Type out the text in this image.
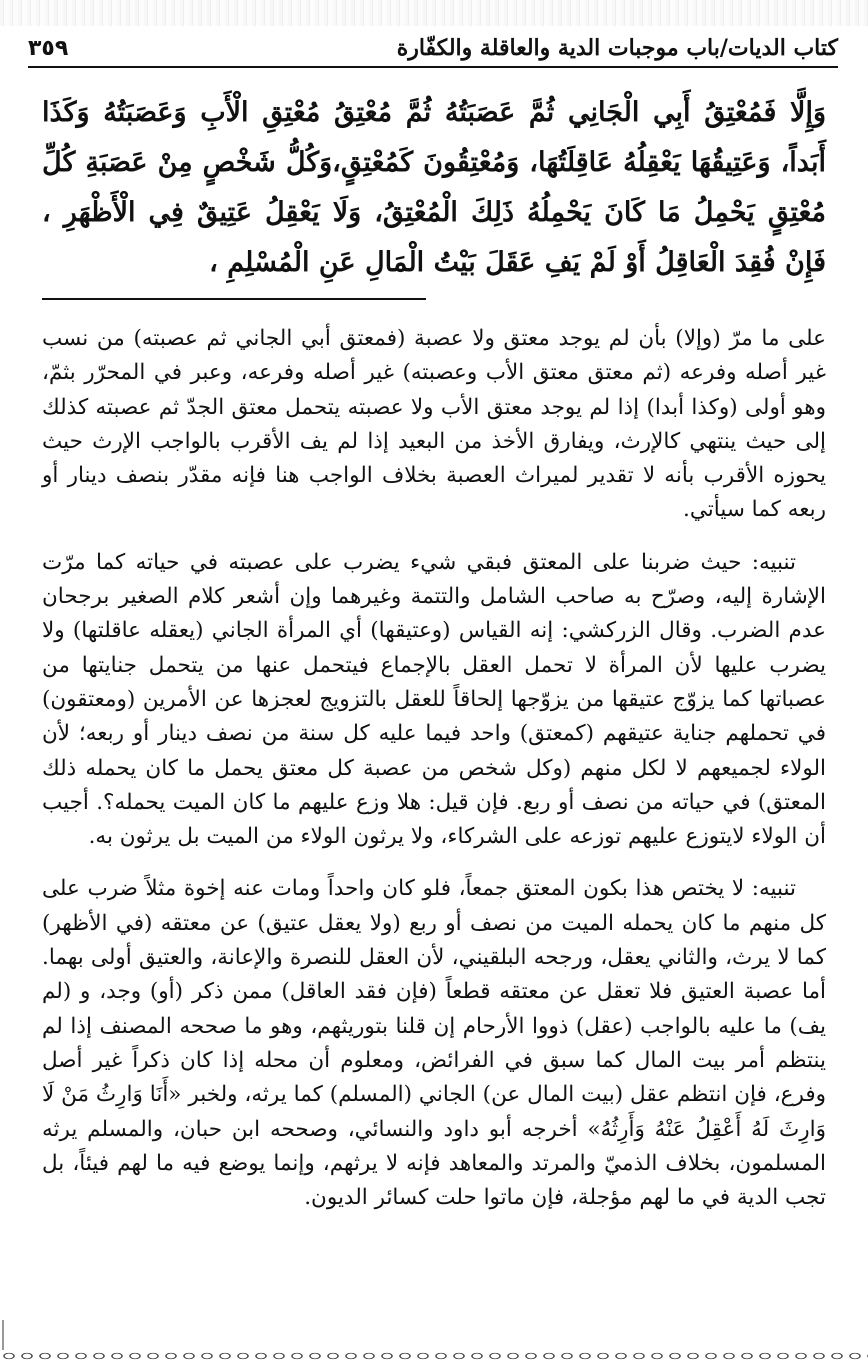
كتاب الديات/باب موجبات الدية والعاقلة والكفّارة
٣٥٩
وَإِلَّا فَمُعْتِقُ أَبِي الْجَانِي ثُمَّ عَصَبَتُهُ ثُمَّ مُعْتِقُ مُعْتِقِ الْأَبِ وَعَصَبَتُهُ وَكَذَا أَبَداً، وَعَتِيقُهَا يَعْقِلُهُ عَاقِلَتُهَا، وَمُعْتِقُونَ كَمُعْتِقٍ،وَكُلُّ شَخْصٍ مِنْ عَصَبَةِ كُلِّ مُعْتِقٍ يَحْمِلُ مَا كَانَ يَحْمِلُهُ ذَلِكَ الْمُعْتِقُ، وَلَا يَعْقِلُ عَتِيقٌ فِي الْأَظْهَرِ ، فَإِنْ فُقِدَ الْعَاقِلُ أَوْ لَمْ يَفِ عَقَلَ بَيْتُ الْمَالِ عَنِ الْمُسْلِمِ ،

على ما مرّ (وإلا) بأن لم يوجد معتق ولا عصبة (فمعتق أبي الجاني ثم عصبته) من نسب غير أصله وفرعه (ثم معتق معتق الأب وعصبته) غير أصله وفرعه، وعبر في المحرّر بثمّ، وهو أولى (وكذا أبدا) إذا لم يوجد معتق الأب ولا عصبته يتحمل معتق الجدّ ثم عصبته كذلك إلى حيث ينتهي كالإرث، ويفارق الأخذ من البعيد إذا لم يف الأقرب بالواجب الإرث حيث يحوزه الأقرب بأنه لا تقدير لميراث العصبة بخلاف الواجب هنا فإنه مقدّر بنصف دينار أو ربعه كما سيأتي.

تنبيه: حيث ضربنا على المعتق فبقي شيء يضرب على عصبته في حياته كما مرّت الإشارة إليه، وصرّح به صاحب الشامل والتتمة وغيرهما وإن أشعر كلام الصغير برجحان عدم الضرب. وقال الزركشي: إنه القياس (وعتيقها) أي المرأة الجاني (يعقله عاقلتها) ولا يضرب عليها لأن المرأة لا تحمل العقل بالإجماع فيتحمل عنها من يتحمل جنايتها من عصباتها كما يزوّج عتيقها من يزوّجها إلحاقاً للعقل بالتزويج لعجزها عن الأمرين (ومعتقون) في تحملهم جناية عتيقهم (كمعتق) واحد فيما عليه كل سنة من نصف دينار أو ربعه؛ لأن الولاء لجميعهم لا لكل منهم (وكل شخص من عصبة كل معتق يحمل ما كان يحمله ذلك المعتق) في حياته من نصف أو ربع. فإن قيل: هلا وزع عليهم ما كان الميت يحمله؟. أجيب أن الولاء لايتوزع عليهم توزعه على الشركاء، ولا يرثون الولاء من الميت بل يرثون به.

تنبيه: لا يختص هذا بكون المعتق جمعاً، فلو كان واحداً ومات عنه إخوة مثلاً ضرب على كل منهم ما كان يحمله الميت من نصف أو ربع (ولا يعقل عتيق) عن معتقه (في الأظهر) كما لا يرث، والثاني يعقل، ورجحه البلقيني، لأن العقل للنصرة والإعانة، والعتيق أولى بهما. أما عصبة العتيق فلا تعقل عن معتقه قطعاً (فإن فقد العاقل) ممن ذكر (أو) وجد، و (لم يف) ما عليه بالواجب (عقل) ذووا الأرحام إن قلنا بتوريثهم، وهو ما صححه المصنف إذا لم ينتظم أمر بيت المال كما سبق في الفرائض، ومعلوم أن محله إذا كان ذكراً غير أصل وفرع، فإن انتظم عقل (بيت المال عن) الجاني (المسلم) كما يرثه، ولخبر «أَنَا وَارِثُ مَنْ لَا وَارِثَ لَهُ أَعْقِلُ عَنْهُ وَأَرِثُهُ» أخرجه أبو داود والنسائي، وصححه ابن حبان، والمسلم يرثه المسلمون، بخلاف الذميّ والمرتد والمعاهد فإنه لا يرثهم، وإنما يوضع فيه ما لهم فيئاً، بل تجب الدية في ما لهم مؤجلة، فإن ماتوا حلت كسائر الديون.
